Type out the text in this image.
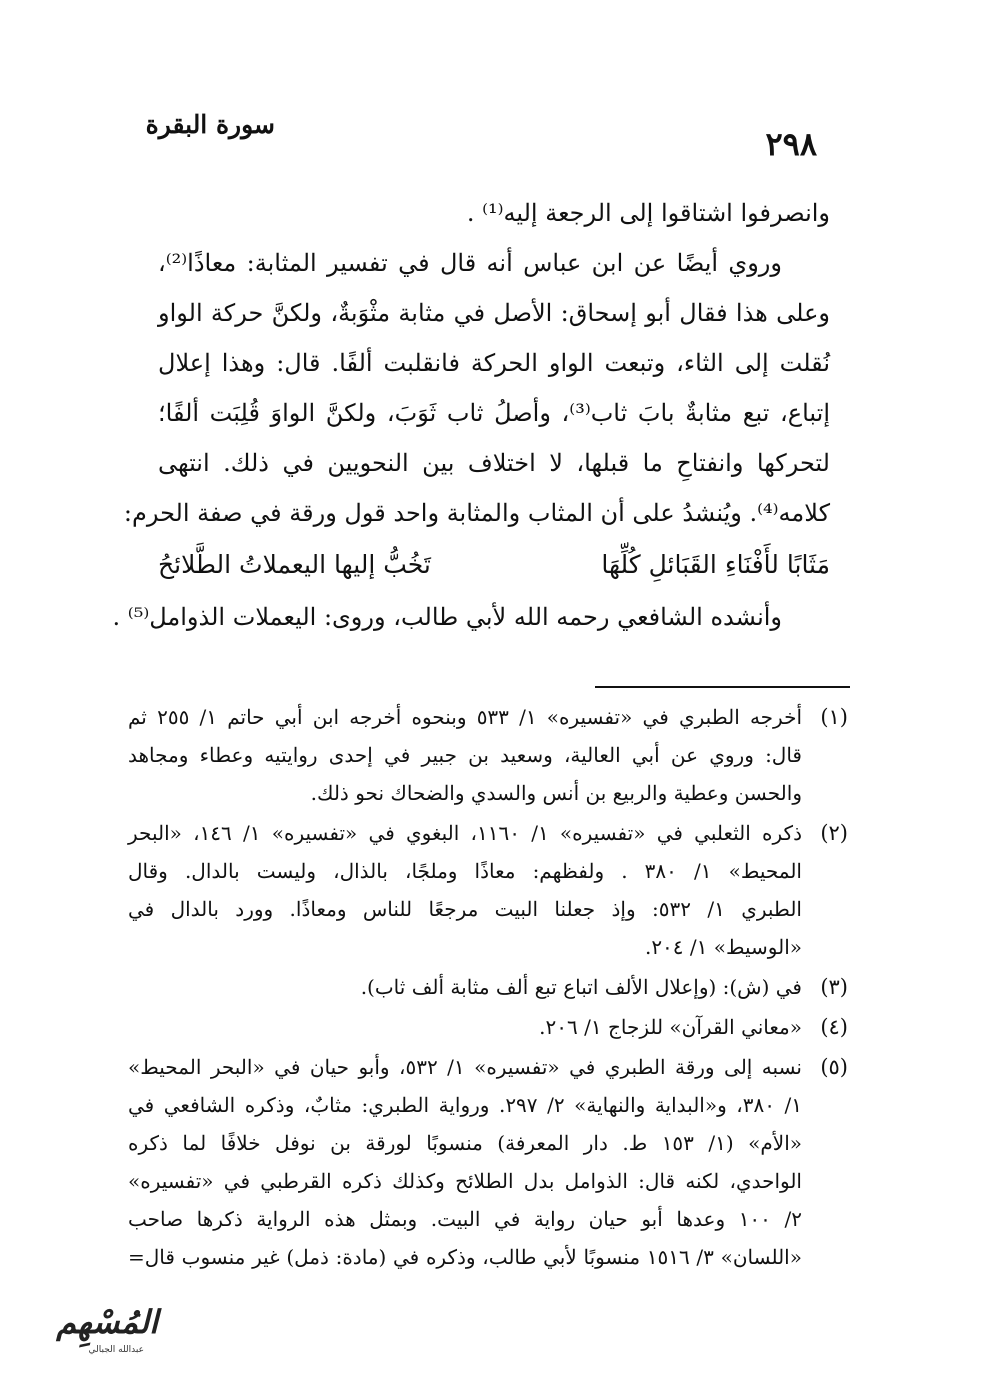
سورة البقرة
٢٩٨
وانصرفوا اشتاقوا إلى الرجعة إليه⁽¹⁾ .
وروي أيضًا عن ابن عباس أنه قال في تفسير المثابة: معاذًا⁽²⁾،
وعلى هذا فقال أبو إسحاق: الأصل في مثابة مثْوَبةٌ، ولكنَّ حركة الواو
نُقلت إلى الثاء، وتبعت الواو الحركة فانقلبت ألفًا. قال: وهذا إعلال
إتباع، تبع مثابةٌ بابَ ثاب⁽³⁾، وأصلُ ثاب ثَوَبَ، ولكنَّ الواوَ قُلِبَت ألفًا؛
لتحركها وانفتاحِ ما قبلها، لا اختلاف بين النحويين في ذلك. انتهى
كلامه⁽⁴⁾. ويُنشدُ على أن المثاب والمثابة واحد قول ورقة في صفة الحرم:
مَثَابًا لأَفْنَاءِ القَبَائلِ كُلِّهَا
تَخُبُّ إليها اليعملاتُ الطَّلائحُ
وأنشده الشافعي رحمه الله لأبي طالب، وروى: اليعملات الذوامل⁽⁵⁾ .
(١)
أخرجه الطبري في «تفسيره» ١/ ٥٣٣ وبنحوه أخرجه ابن أبي حاتم ١/ ٢٥٥ ثم
قال: وروي عن أبي العالية، وسعيد بن جبير في إحدى روايتيه وعطاء ومجاهد
والحسن وعطية والربيع بن أنس والسدي والضحاك نحو ذلك.
(٢)
ذكره الثعلبي في «تفسيره» ١/ ١١٦٠، البغوي في «تفسيره» ١/ ١٤٦، «البحر
المحيط» ١/ ٣٨٠ . ولفظهم: معاذًا وملجًا، بالذال، وليست بالدال. وقال
الطبري ١/ ٥٣٢: وإذ جعلنا البيت مرجعًا للناس ومعاذًا. وورد بالدال في
«الوسيط» ١/ ٢٠٤.
(٣)
في (ش): (وإعلال الألف اتباع تبع ألف مثابة ألف ثاب).
(٤)
«معاني القرآن» للزجاج ١/ ٢٠٦.
(٥)
نسبه إلى ورقة الطبري في «تفسيره» ١/ ٥٣٢، وأبو حيان في «البحر المحيط»
١/ ٣٨٠، و«البداية والنهاية» ٢/ ٢٩٧. ورواية الطبري: مثابٌ، وذكره الشافعي في
«الأم» (١/ ١٥٣ ط. دار المعرفة) منسوبًا لورقة بن نوفل خلافًا لما ذكره
الواحدي، لكنه قال: الذوامل بدل الطلائح وكذلك ذكره القرطبي في «تفسيره»
٢/ ١٠٠ وعدها أبو حيان رواية في البيت. وبمثل هذه الرواية ذكرها صاحب
«اللسان» ٣/ ١٥١٦ منسوبًا لأبي طالب، وذكره في (مادة: ذمل) غير منسوب قال=
المُسْهِم
عبدالله الجبالي
